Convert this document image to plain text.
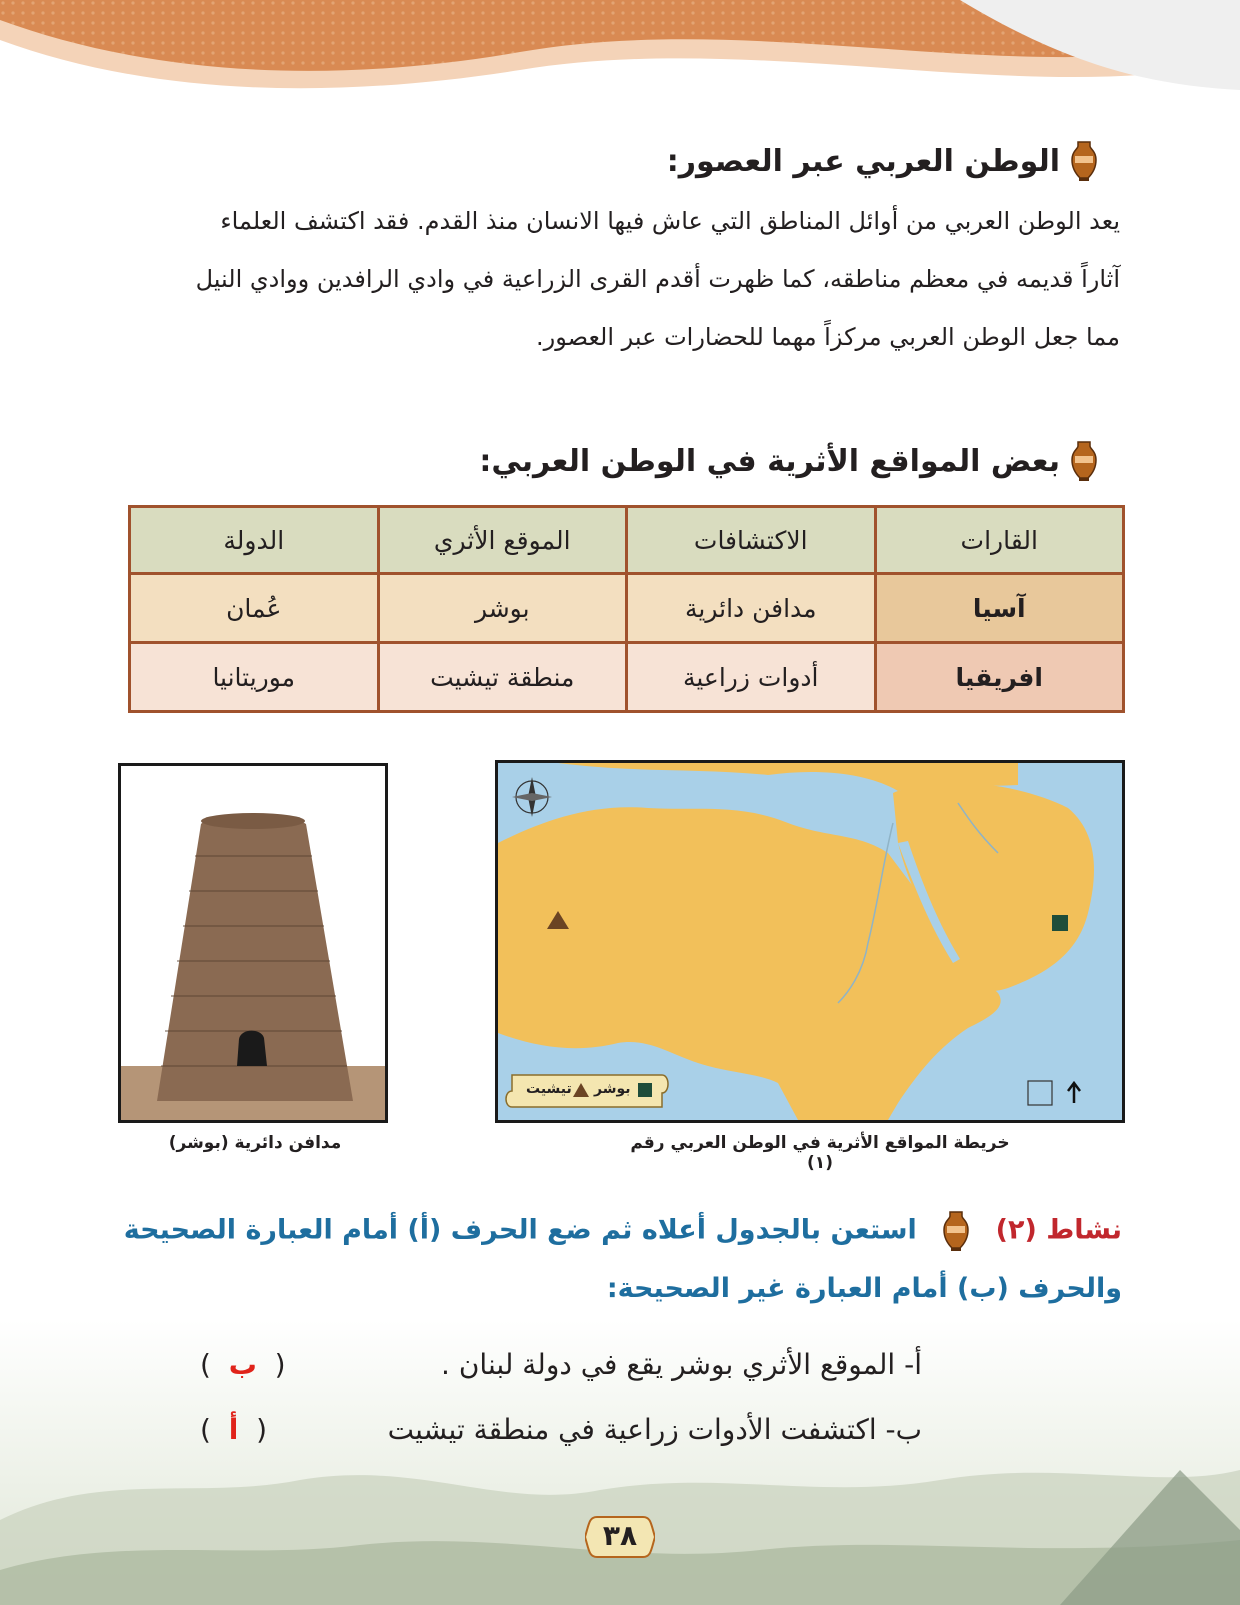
الوطن العربي عبر العصور:
يعد الوطن العربي من أوائل المناطق التي عاش فيها الانسان منذ القدم. فقد اكتشف العلماء
آثاراً قديمه في معظم مناطقه، كما ظهرت أقدم القرى الزراعية في وادي الرافدين ووادي النيل
مما جعل الوطن العربي مركزاً مهما للحضارات عبر العصور.
بعض المواقع الأثرية في الوطن العربي:
القارات	الاكتشافات	الموقع الأثري	الدولة
آسيا	مدافن دائرية	بوشر	عُمان
افريقيا	أدوات زراعية	منطقة تيشيت	موريتانيا
بوشر
تيشيت
خريطة المواقع الأثرية في الوطن العربي رقم (١)
مدافن دائرية (بوشر)
نشاط (٢)  استعن بالجدول أعلاه ثم ضع الحرف (أ) أمام العبارة الصحيحة
والحرف (ب) أمام العبارة غير الصحيحة:
أ- الموقع الأثري بوشر يقع في دولة لبنان .
(  ب  )
ب- اكتشفت الأدوات زراعية في منطقة تيشيت
(  أ  )
٣٨
